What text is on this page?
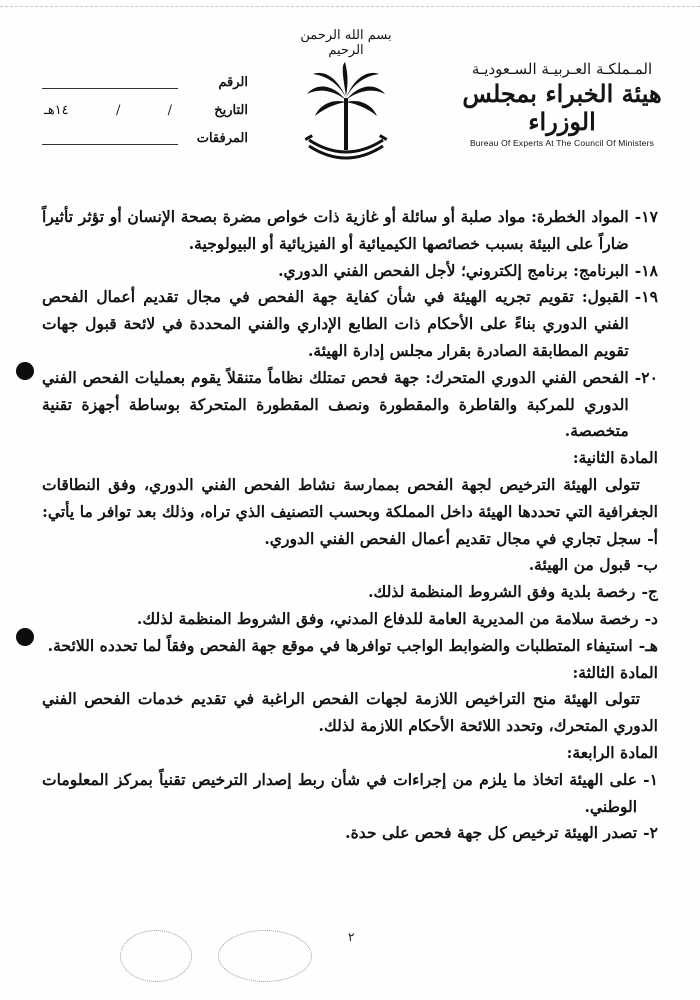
المـملكـة العـربيـة السـعوديـة
هيئة الخبراء بمجلس الوزراء
Bureau Of Experts At The Council Of Ministers
بسم الله الرحمن الرحيم
الرقم
التاريخ
/
/
١٤هـ
المرفقات
١٧-
المواد الخطرة: مواد صلبة أو سائلة أو غازية ذات خواص مضرة بصحة الإنسان أو تؤثر تأثيراً ضاراً على البيئة بسبب خصائصها الكيميائية أو الفيزيائية أو البيولوجية.
١٨-
البرنامج: برنامج إلكتروني؛ لأجل الفحص الفني الدوري.
١٩-
القبول: تقويم تجريه الهيئة في شأن كفاية جهة الفحص في مجال تقديم أعمال الفحص الفني الدوري بناءً على الأحكام ذات الطابع الإداري والفني المحددة في لائحة قبول جهات تقويم المطابقة الصادرة بقرار مجلس إدارة الهيئة.
٢٠-
الفحص الفني الدوري المتحرك: جهة فحص تمتلك نظاماً متنقلاً يقوم بعمليات الفحص الفني الدوري للمركبة والقاطرة والمقطورة ونصف المقطورة المتحركة بوساطة أجهزة تقنية متخصصة.
المادة الثانية:
تتولى الهيئة الترخيص لجهة الفحص بممارسة نشاط الفحص الفني الدوري، وفق النطاقات الجغرافية التي تحددها الهيئة داخل المملكة وبحسب التصنيف الذي تراه، وذلك بعد توافر ما يأتي:
أ-
سجل تجاري في مجال تقديم أعمال الفحص الفني الدوري.
ب-
قبول من الهيئة.
ج-
رخصة بلدية وفق الشروط المنظمة لذلك.
د-
رخصة سلامة من المديرية العامة للدفاع المدني، وفق الشروط المنظمة لذلك.
هـ-
استيفاء المتطلبات والضوابط الواجب توافرها في موقع جهة الفحص وفقاً لما تحدده اللائحة.
المادة الثالثة:
تتولى الهيئة منح التراخيص اللازمة لجهات الفحص الراغبة في تقديم خدمات الفحص الفني الدوري المتحرك، وتحدد اللائحة الأحكام اللازمة لذلك.
المادة الرابعة:
١-
على الهيئة اتخاذ ما يلزم من إجراءات في شأن ربط إصدار الترخيص تقنياً بمركز المعلومات الوطني.
٢-
تصدر الهيئة ترخيص كل جهة فحص على حدة.
٢
